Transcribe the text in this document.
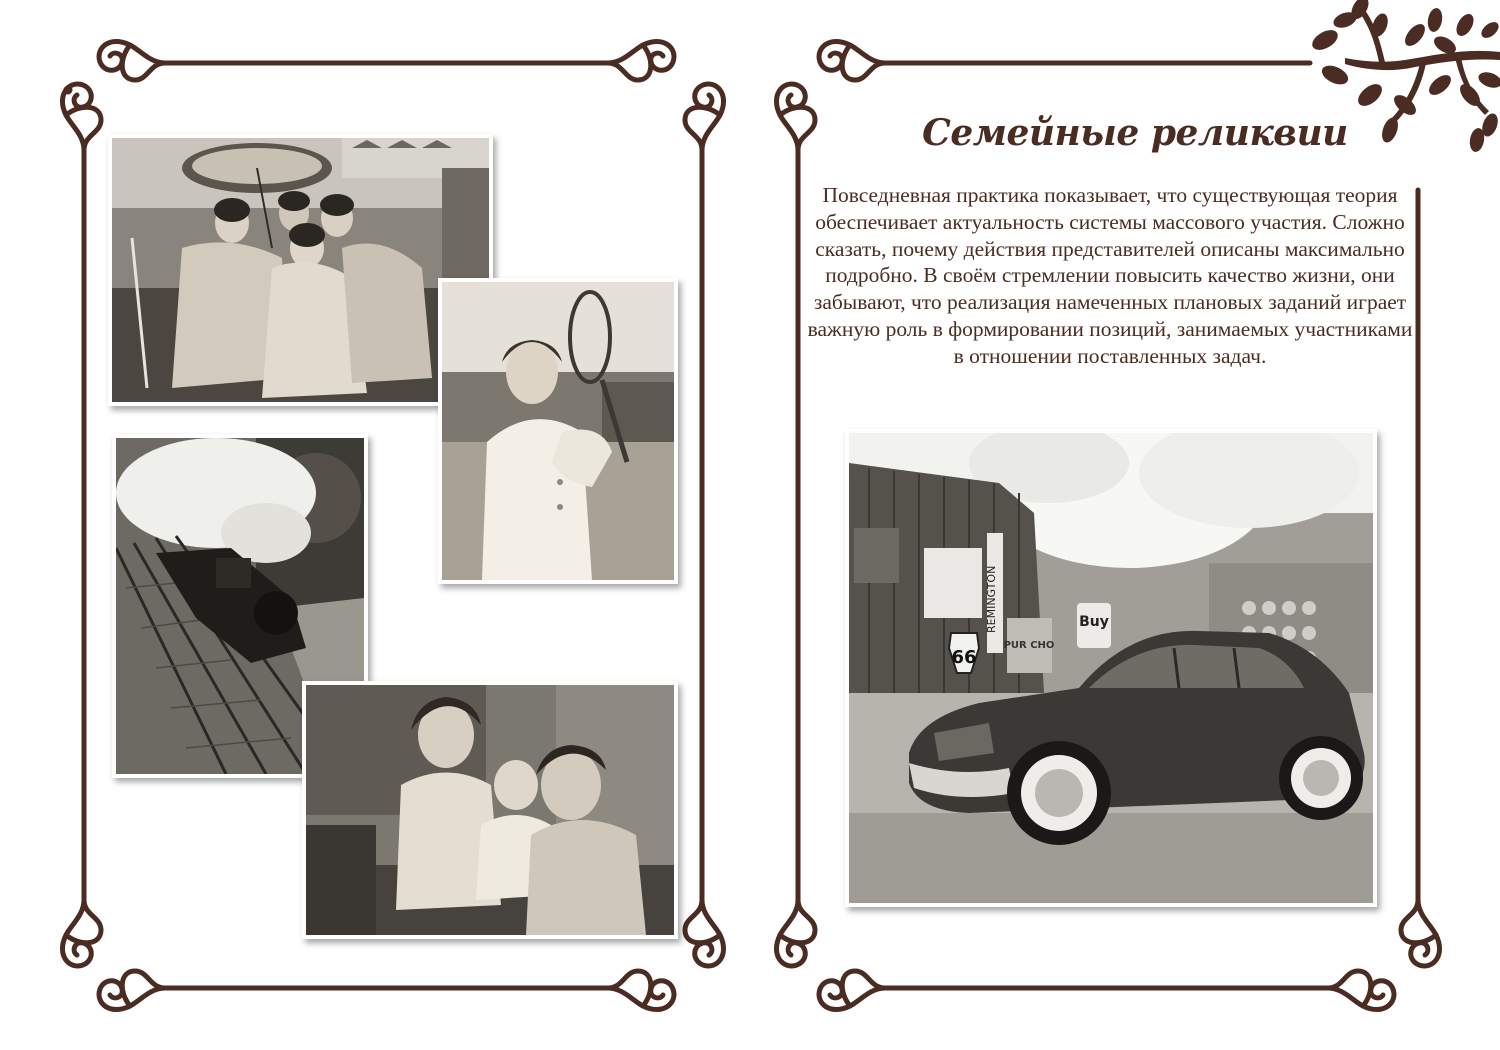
Семейные реликвии
Повседневная практика показывает, что существующая теория обеспечивает актуальность системы массового участия. Сложно сказать, почему действия представителей описаны максимально подробно. В своём стремлении повысить качество жизни, они забывают, что реализация намеченных плановых заданий играет важную роль в формировании позиций, занимаемых участниками в отношении поставленных задач.
REMINGTON
66
PUR CHO
Buy
